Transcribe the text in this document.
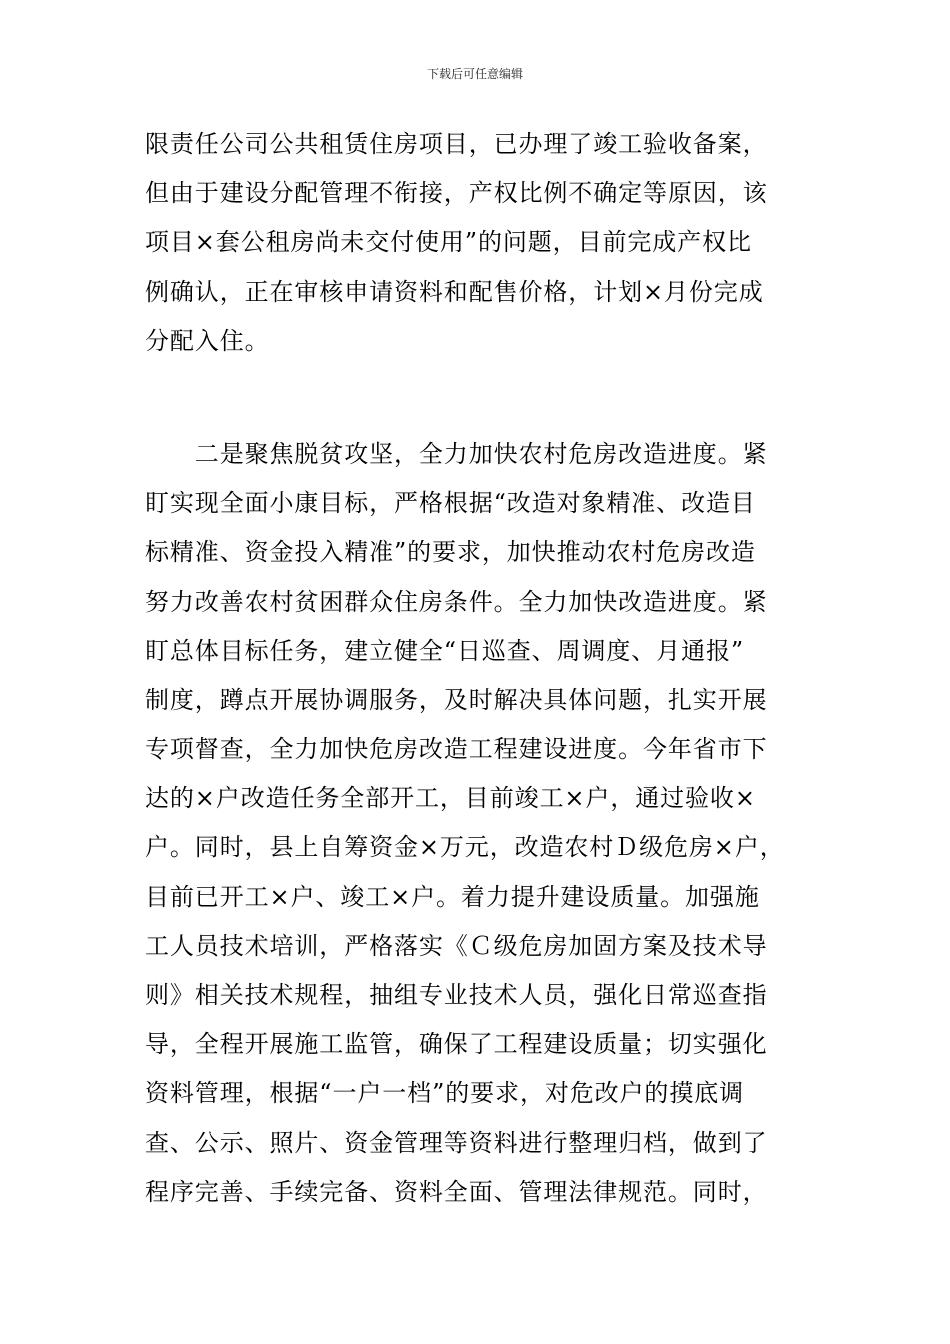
下载后可任意编辑
限责任公司公共租赁住房项目，已办理了竣工验收备案，
但由于建设分配管理不衔接，产权比例不确定等原因，该
项目×套公租房尚未交付使用”的问题，目前完成产权比
例确认，正在审核申请资料和配售价格，计划×月份完成
分配入住。
　　二是聚焦脱贫攻坚，全力加快农村危房改造进度。紧
盯实现全面小康目标，严格根据“改造对象精准、改造目
标精准、资金投入精准”的要求，加快推动农村危房改造
努力改善农村贫困群众住房条件。全力加快改造进度。紧
盯总体目标任务，建立健全“日巡查、周调度、月通报”
制度，蹲点开展协调服务，及时解决具体问题，扎实开展
专项督查，全力加快危房改造工程建设进度。今年省市下
达的×户改造任务全部开工，目前竣工×户，通过验收×
户。同时，县上自筹资金×万元，改造农村Ｄ级危房×户，
目前已开工×户、竣工×户。着力提升建设质量。加强施
工人员技术培训，严格落实《Ｃ级危房加固方案及技术导
则》相关技术规程，抽组专业技术人员，强化日常巡查指
导，全程开展施工监管，确保了工程建设质量；切实强化
资料管理，根据“一户一档”的要求，对危改户的摸底调
查、公示、照片、资金管理等资料进行整理归档，做到了
程序完善、手续完备、资料全面、管理法律规范。同时，
